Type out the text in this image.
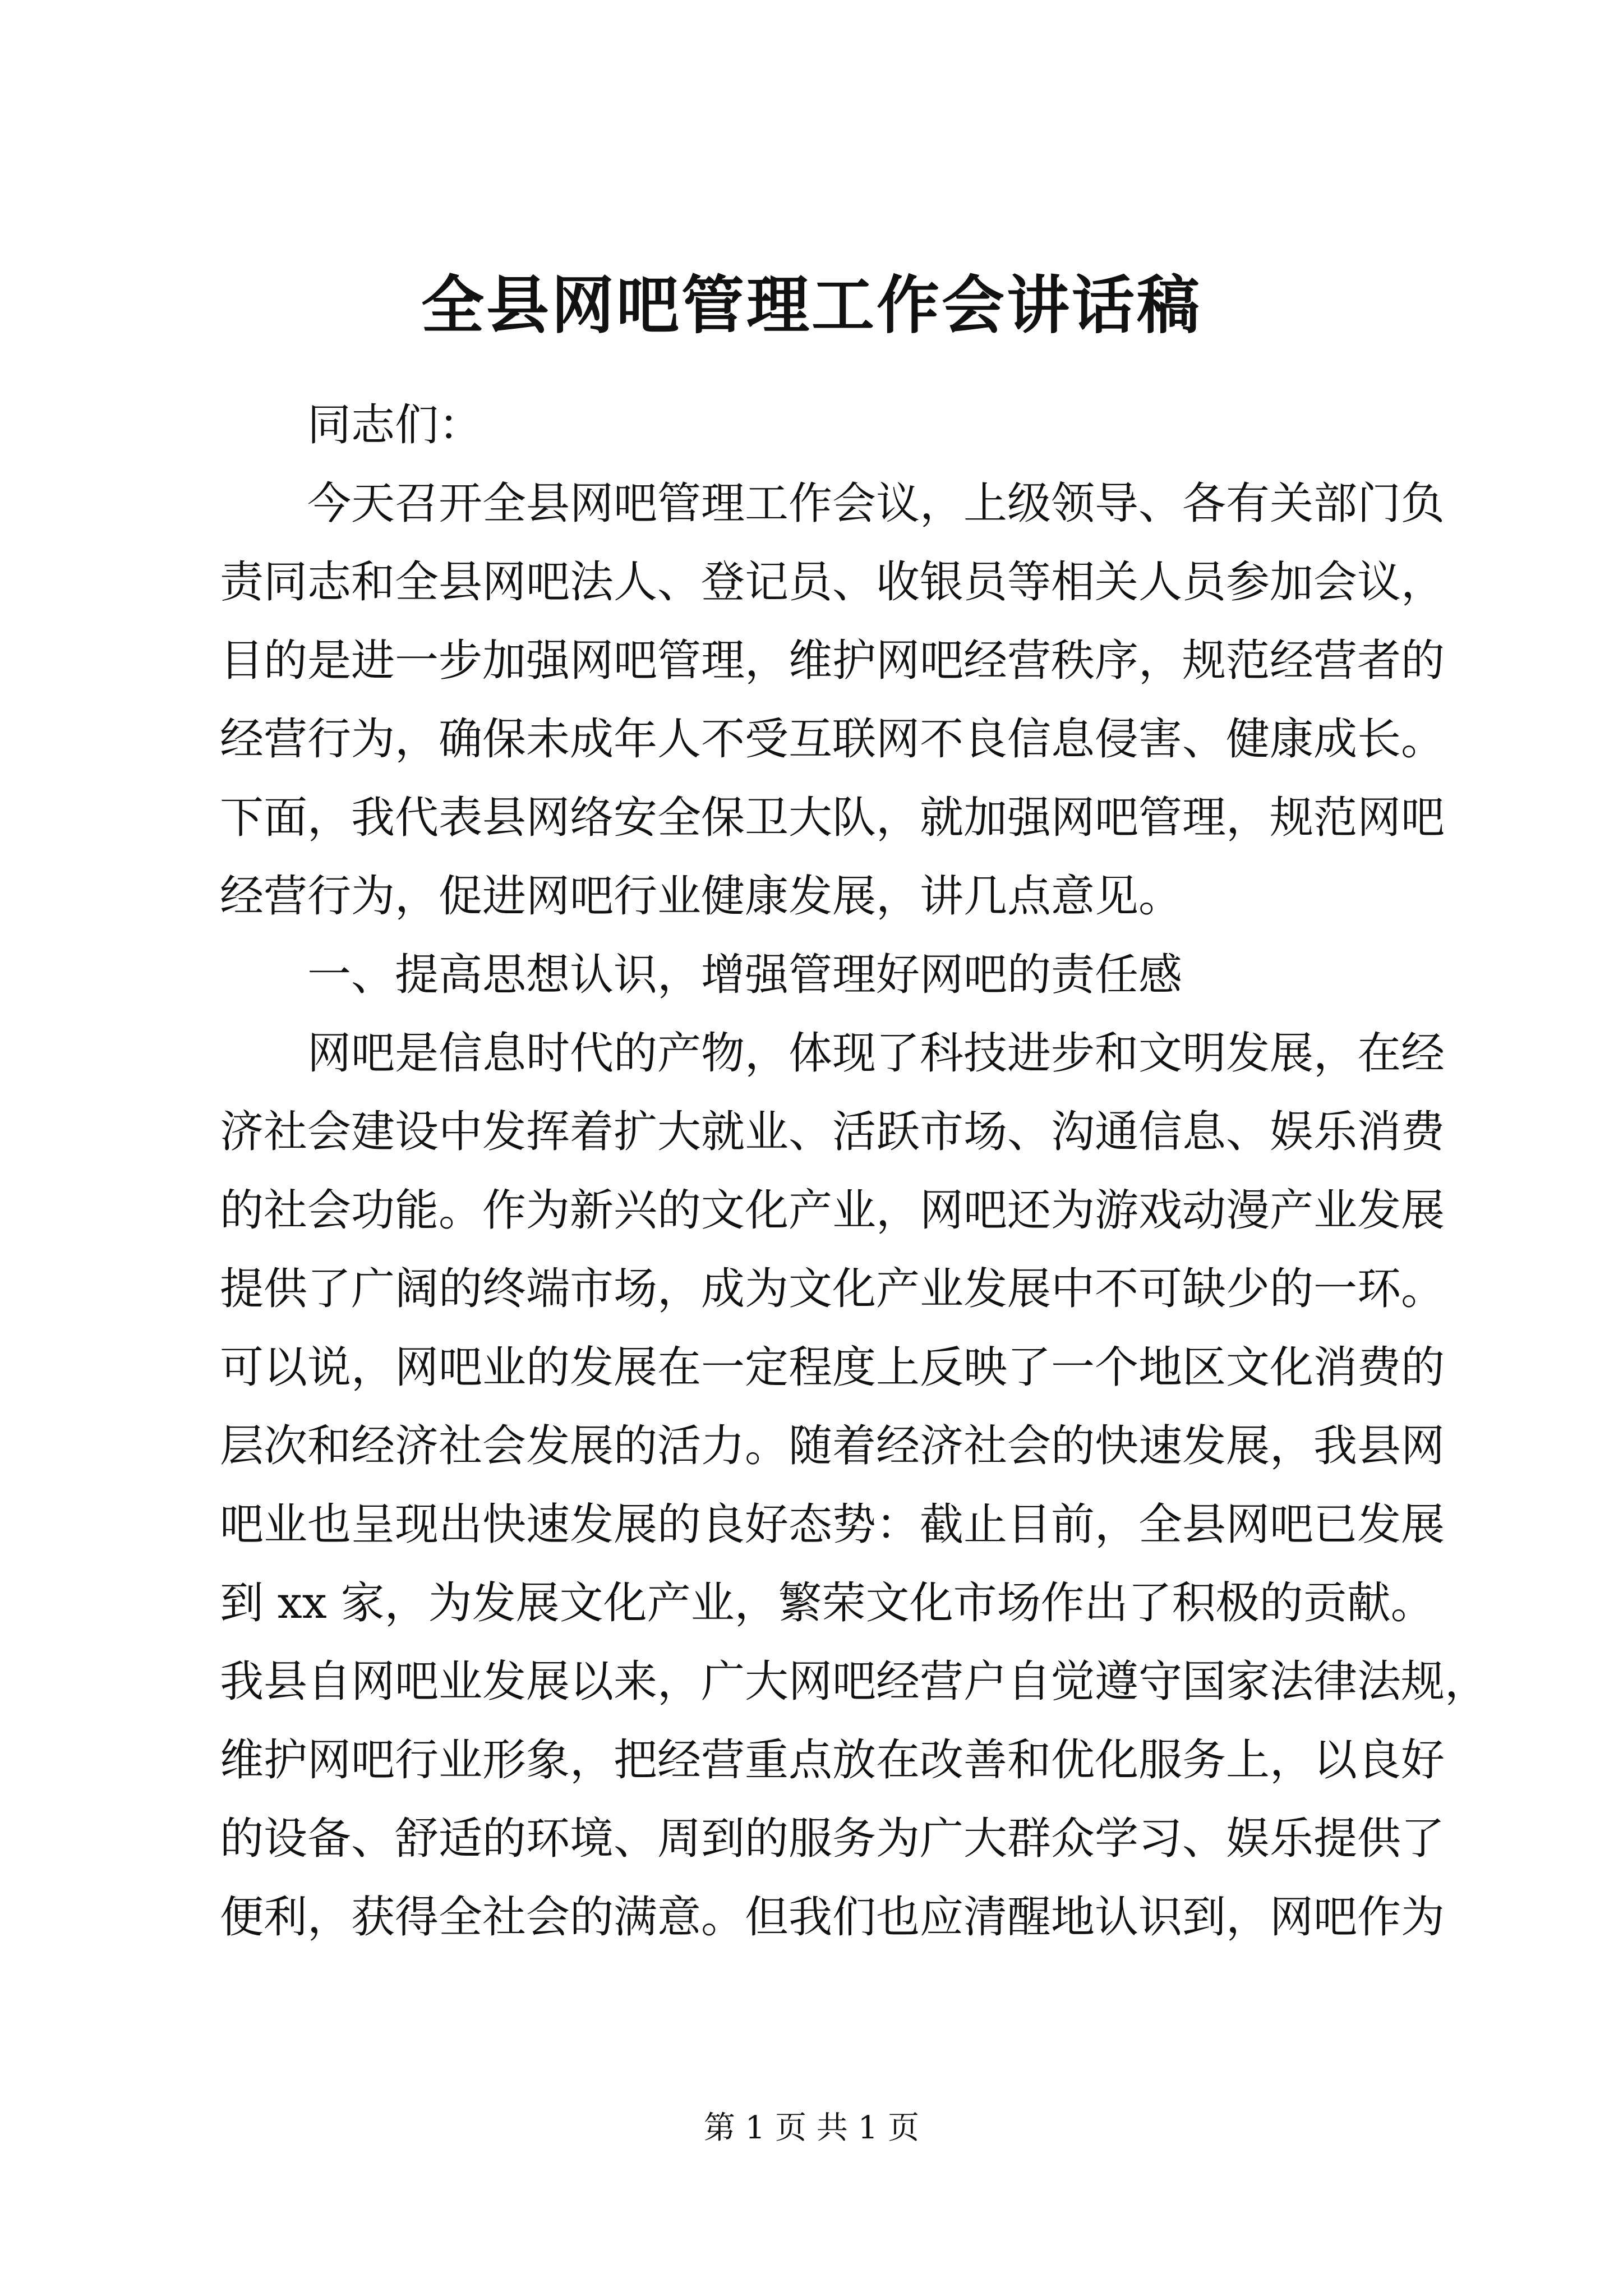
全县网吧管理工作会讲话稿
同志们：
今天召开全县网吧管理工作会议，上级领导、各有关部门负
责同志和全县网吧法人、登记员、收银员等相关人员参加会议，
目的是进一步加强网吧管理，维护网吧经营秩序，规范经营者的
经营行为，确保未成年人不受互联网不良信息侵害、健康成长。
下面，我代表县网络安全保卫大队，就加强网吧管理，规范网吧
经营行为，促进网吧行业健康发展，讲几点意见。
一、提高思想认识，增强管理好网吧的责任感
网吧是信息时代的产物，体现了科技进步和文明发展，在经
济社会建设中发挥着扩大就业、活跃市场、沟通信息、娱乐消费
的社会功能。作为新兴的文化产业，网吧还为游戏动漫产业发展
提供了广阔的终端市场，成为文化产业发展中不可缺少的一环。
可以说，网吧业的发展在一定程度上反映了一个地区文化消费的
层次和经济社会发展的活力。随着经济社会的快速发展，我县网
吧业也呈现出快速发展的良好态势：截止目前，全县网吧已发展
到 xx 家，为发展文化产业，繁荣文化市场作出了积极的贡献。
我县自网吧业发展以来，广大网吧经营户自觉遵守国家法律法规，
维护网吧行业形象，把经营重点放在改善和优化服务上，以良好
的设备、舒适的环境、周到的服务为广大群众学习、娱乐提供了
便利，获得全社会的满意。但我们也应清醒地认识到，网吧作为
第 1 页 共 1 页
